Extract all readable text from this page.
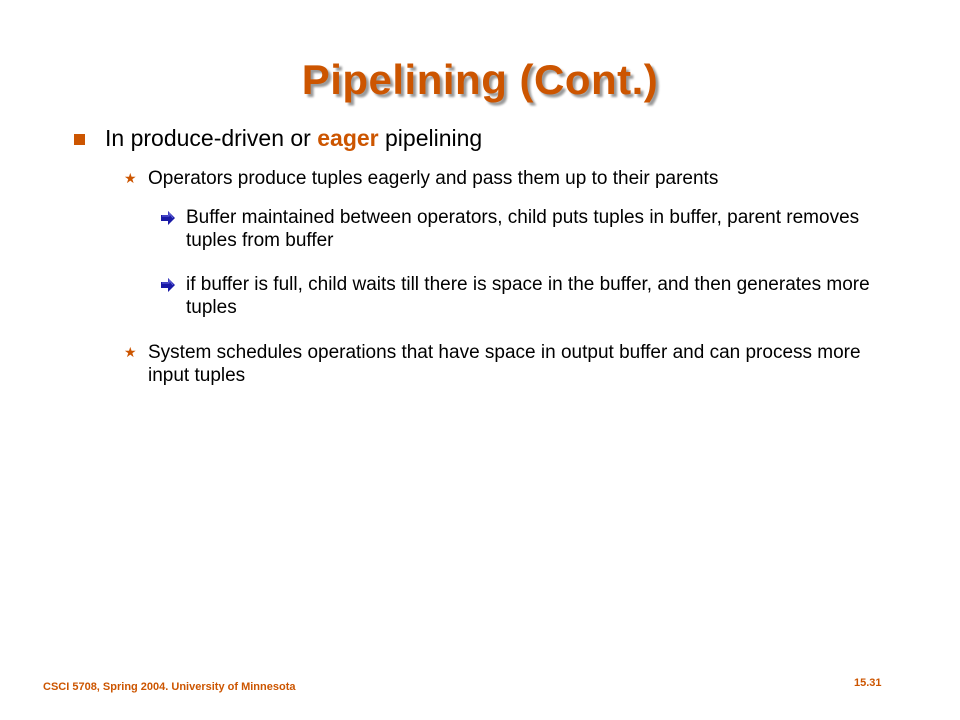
Pipelining (Cont.)
In produce-driven or eager pipelining
★ Operators produce tuples eagerly and pass them up to their parents
Buffer maintained between operators, child puts tuples in buffer, parent removes tuples from buffer
if buffer is full, child waits till there is space in the buffer, and then generates more tuples
★ System schedules operations that have space in output buffer and can process more input tuples
CSCI 5708, Spring 2004. University of Minnesota	15.31
